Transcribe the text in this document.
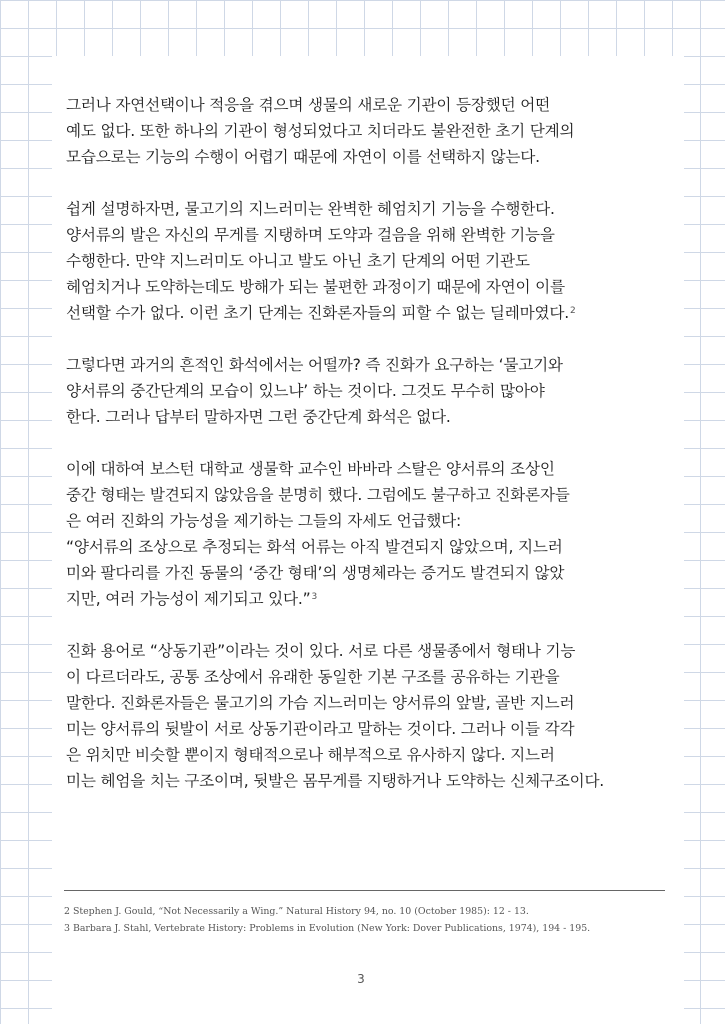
그러나 자연선택이나 적응을 겪으며 생물의 새로운 기관이 등장했던 어떤
예도 없다. 또한 하나의 기관이 형성되었다고 치더라도 불완전한 초기 단계의
모습으로는 기능의 수행이 어렵기 때문에 자연이 이를 선택하지 않는다.

쉽게 설명하자면, 물고기의 지느러미는 완벽한 헤엄치기 기능을 수행한다.
양서류의 발은 자신의 무게를 지탱하며 도약과 걸음을 위해 완벽한 기능을
수행한다. 만약 지느러미도 아니고 발도 아닌 초기 단계의 어떤 기관도
헤엄치거나 도약하는데도 방해가 되는 불편한 과정이기 때문에 자연이 이를
선택할 수가 없다. 이런 초기 단계는 진화론자들의 피할 수 없는 딜레마였다.$^2$

그렇다면 과거의 흔적인 화석에서는 어떨까? 즉 진화가 요구하는 ‘물고기와
양서류의 중간단계의 모습이 있느냐’ 하는 것이다. 그것도 무수히 많아야
한다. 그러나 답부터 말하자면 그런 중간단계 화석은 없다.

이에 대하여 보스턴 대학교 생물학 교수인 바바라 스탈은 양서류의 조상인
중간 형태는 발견되지 않았음을 분명히 했다. 그럼에도 불구하고 진화론자들
은 여러 진화의 가능성을 제기하는 그들의 자세도 언급했다:
“양서류의 조상으로 추정되는 화석 어류는 아직 발견되지 않았으며, 지느러
미와 팔다리를 가진 동물의 ‘중간 형태’의 생명체라는 증거도 발견되지 않았
지만, 여러 가능성이 제기되고 있다.”$^3$

진화 용어로 “상동기관”이라는 것이 있다. 서로 다른 생물종에서 형태나 기능
이 다르더라도, 공통 조상에서 유래한 동일한 기본 구조를 공유하는 기관을
말한다. 진화론자들은 물고기의 가슴 지느러미는 양서류의 앞발, 골반 지느러
미는 양서류의 뒷발이 서로 상동기관이라고 말하는 것이다. 그러나 이들 각각
은 위치만 비슷할 뿐이지 형태적으로나 해부적으로 유사하지 않다. 지느러
미는 헤엄을 치는 구조이며, 뒷발은 몸무게를 지탱하거나 도약하는 신체구조이다.

2 Stephen J. Gould, “Not Necessarily a Wing.” Natural History 94, no. 10 (October 1985): 12 - 13.
3 Barbara J. Stahl, Vertebrate History: Problems in Evolution (New York: Dover Publications, 1974), 194 - 195.
3
